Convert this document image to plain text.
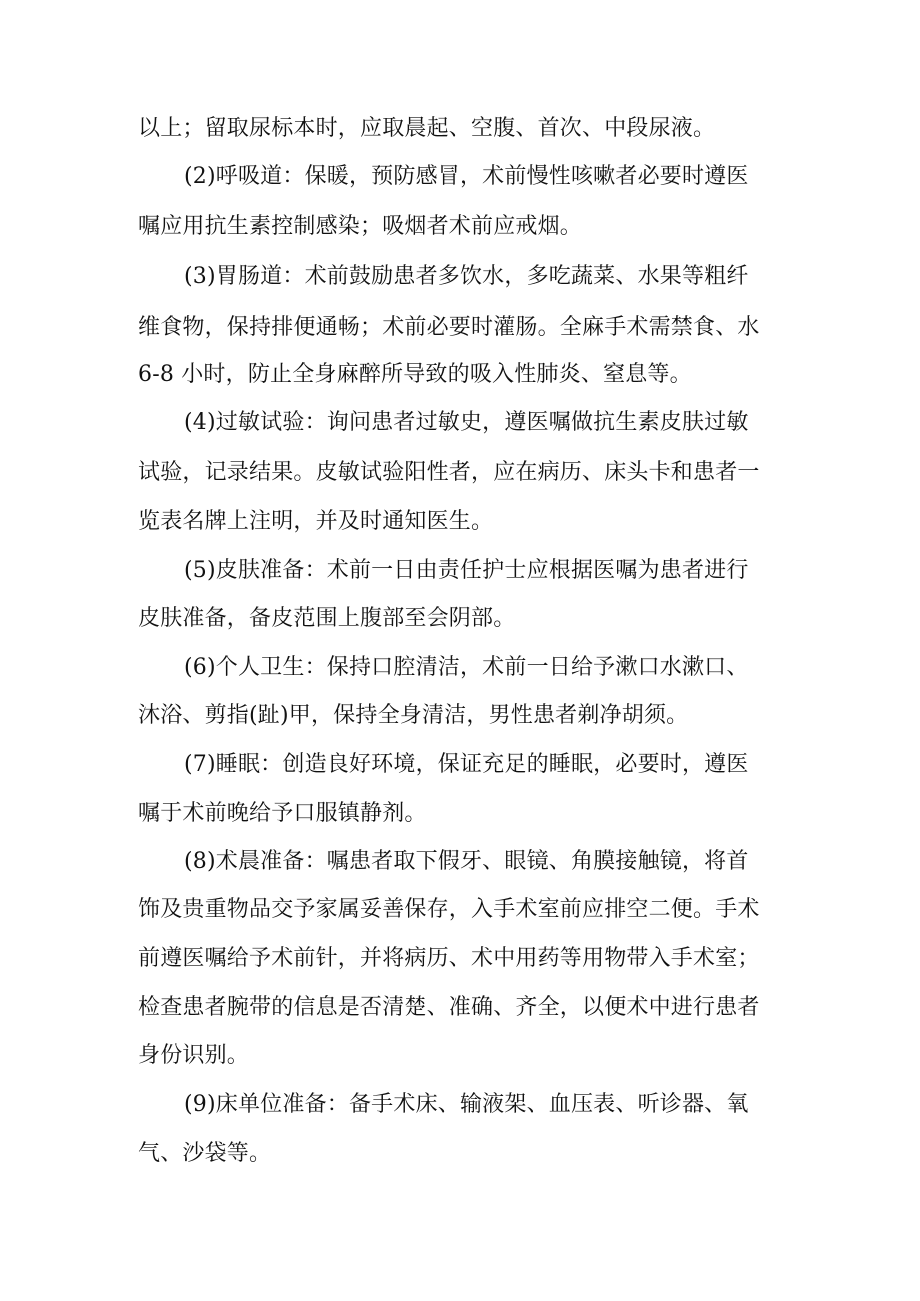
以上；留取尿标本时，应取晨起、空腹、首次、中段尿液。
(2)呼吸道：保暖，预防感冒，术前慢性咳嗽者必要时遵医
嘱应用抗生素控制感染；吸烟者术前应戒烟。
(3)胃肠道：术前鼓励患者多饮水，多吃蔬菜、水果等粗纤
维食物，保持排便通畅；术前必要时灌肠。全麻手术需禁食、水
6-8 小时，防止全身麻醉所导致的吸入性肺炎、窒息等。
(4)过敏试验：询问患者过敏史，遵医嘱做抗生素皮肤过敏
试验，记录结果。皮敏试验阳性者，应在病历、床头卡和患者一
览表名牌上注明，并及时通知医生。
(5)皮肤准备：术前一日由责任护士应根据医嘱为患者进行
皮肤准备，备皮范围上腹部至会阴部。
(6)个人卫生：保持口腔清洁，术前一日给予漱口水漱口、
沐浴、剪指(趾)甲，保持全身清洁，男性患者剃净胡须。
(7)睡眠：创造良好环境，保证充足的睡眠，必要时，遵医
嘱于术前晚给予口服镇静剂。
(8)术晨准备：嘱患者取下假牙、眼镜、角膜接触镜，将首
饰及贵重物品交予家属妥善保存，入手术室前应排空二便。手术
前遵医嘱给予术前针，并将病历、术中用药等用物带入手术室；
检查患者腕带的信息是否清楚、准确、齐全，以便术中进行患者
身份识别。
(9)床单位准备：备手术床、输液架、血压表、听诊器、氧
气、沙袋等。
